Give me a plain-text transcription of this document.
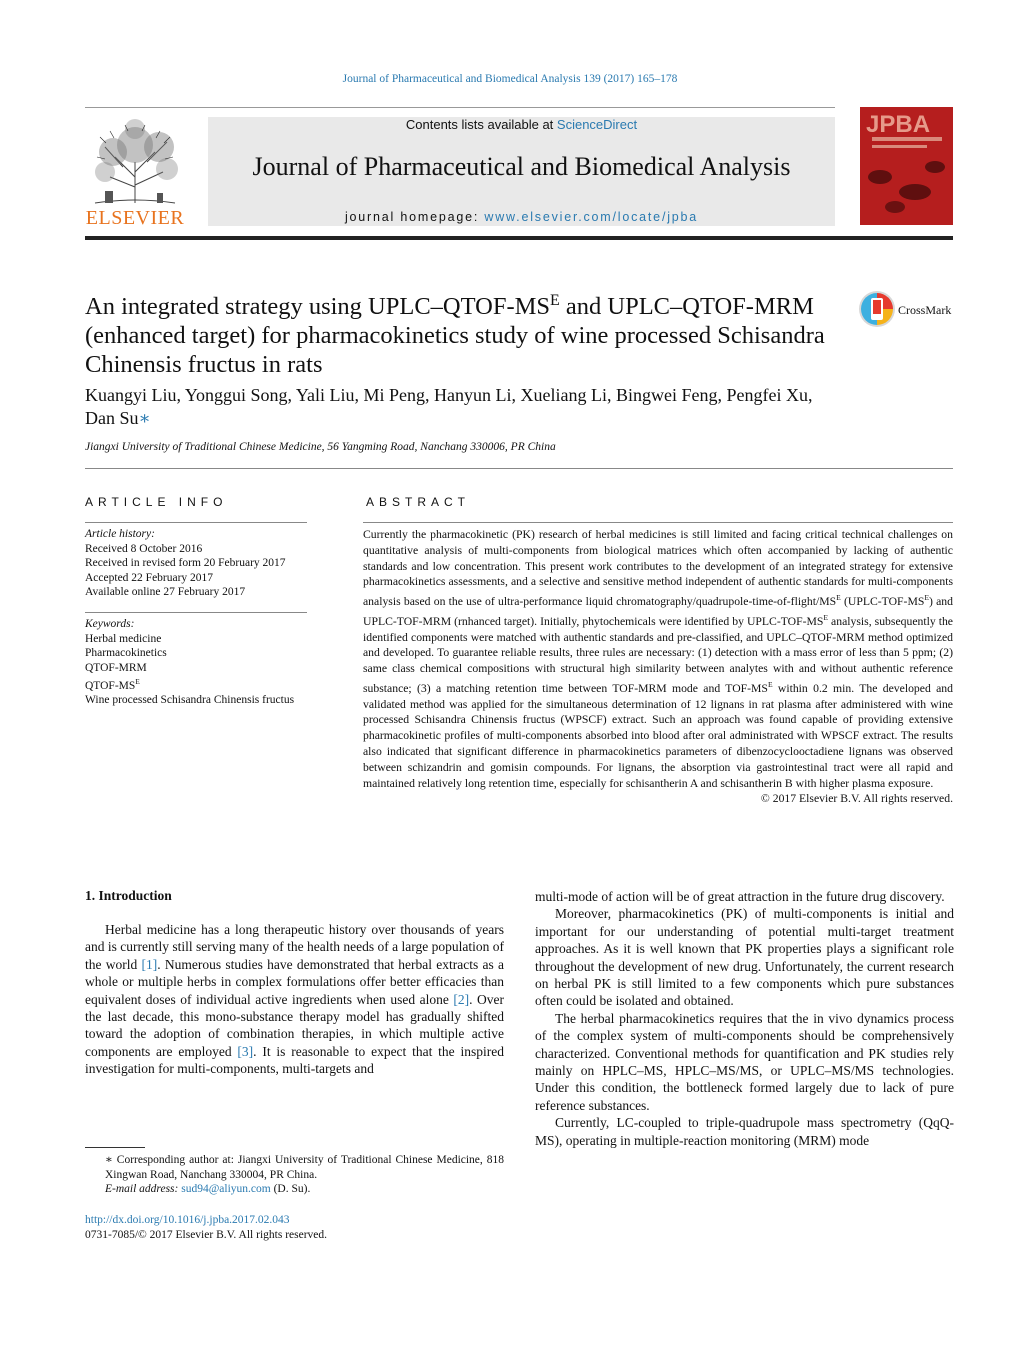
Journal of Pharmaceutical and Biomedical Analysis 139 (2017) 165–178
ELSEVIER
Contents lists available at ScienceDirect
Journal of Pharmaceutical and Biomedical Analysis
journal homepage: www.elsevier.com/locate/jpba
JPBA
An integrated strategy using UPLC–$QTOF-MS^E$ and UPLC–QTOF-MRM (enhanced target) for pharmacokinetics study of wine processed Schisandra Chinensis fructus in rats
CrossMark
Kuangyi Liu, Yonggui Song, Yali Liu, Mi Peng, Hanyun Li, Xueliang Li, Bingwei Feng, Pengfei Xu, Dan Su∗
Jiangxi University of Traditional Chinese Medicine, 56 Yangming Road, Nanchang 330006, PR China
ARTICLE INFO
Article history:
Received 8 October 2016
Received in revised form 20 February 2017
Accepted 22 February 2017
Available online 27 February 2017
Keywords:
Herbal medicine
Pharmacokinetics
QTOF-MRM
QTOF-$MS^E$
Wine processed Schisandra Chinensis fructus
ABSTRACT
Currently the pharmacokinetic (PK) research of herbal medicines is still limited and facing critical technical challenges on quantitative analysis of multi-components from biological matrices which often accompanied by lacking of authentic standards and low concentration. This present work contributes to the development of an integrated strategy for extensive pharmacokinetics assessments, and a selective and sensitive method independent of authentic standards for multi-components analysis based on the use of ultra-performance liquid chromatography/$quadrupole-time-of-flight/MS^E$ $(UPLC-TOF-MS^E)$ and UPLC-TOF-MRM (rnhanced target). Initially, phytochemicals were identified by UPLC-$TOF-MS^E$ analysis, subsequently the identified components were matched with authentic standards and pre-classified, and UPLC–QTOF-MRM method optimized and developed. To guarantee reliable results, three rules are necessary: (1) detection with a mass error of less than 5 ppm; (2) same class chemical compositions with structural high similarity between analytes with and without authentic reference substance; (3) a matching retention time between TOF-MRM mode and TOF-$MS^E$ within 0.2 min. The developed and validated method was applied for the simultaneous determination of 12 lignans in rat plasma after administered with wine processed Schisandra Chinensis fructus (WPSCF) extract. Such an approach was found capable of providing extensive pharmacokinetic profiles of multi-components absorbed into blood after oral administrated with WPSCF extract. The results also indicated that significant difference in pharmacokinetics parameters of dibenzocyclooctadiene lignans was observed between schizandrin and gomisin compounds. For lignans, the absorption via gastrointestinal tract were all rapid and maintained relatively long retention time, especially for schisantherin A and schisantherin B with higher plasma exposure.
© 2017 Elsevier B.V. All rights reserved.
1. Introduction

Herbal medicine has a long therapeutic history over thousands of years and is currently still serving many of the health needs of a large population of the world [1]. Numerous studies have demonstrated that herbal extracts as a whole or multiple herbs in complex formulations offer better efficacies than equivalent doses of individual active ingredients when used alone [2]. Over the last decade, this mono-substance therapy model has gradually shifted toward the adoption of combination therapies, in which multiple active components are employed [3]. It is reasonable to expect that the inspired investigation for multi-components, multi-targets and

multi-mode of action will be of great attraction in the future drug discovery.

Moreover, pharmacokinetics (PK) of multi-components is initial and important for our understanding of potential multi-target treatment approaches. As it is well known that PK properties plays a significant role throughout the development of new drug. Unfortunately, the current research on herbal PK is still limited to a few components which pure substances often could be isolated and obtained.

The herbal pharmacokinetics requires that the in vivo dynamics process of the complex system of multi-components should be comprehensively characterized. Conventional methods for quantification and PK studies rely mainly on HPLC–MS, HPLC–MS/MS, or UPLC–MS/MS technologies. Under this condition, the bottleneck formed largely due to lack of pure reference substances.

Currently, LC-coupled to triple-quadrupole mass spectrometry (QqQ-MS), operating in multiple-reaction monitoring (MRM) mode

∗ Corresponding author at: Jiangxi University of Traditional Chinese Medicine, 818 Xingwan Road, Nanchang 330004, PR China.
E-mail address: sud94@aliyun.com (D. Su).
http://dx.doi.org/10.1016/j.jpba.2017.02.043
0731-7085/© 2017 Elsevier B.V. All rights reserved.
